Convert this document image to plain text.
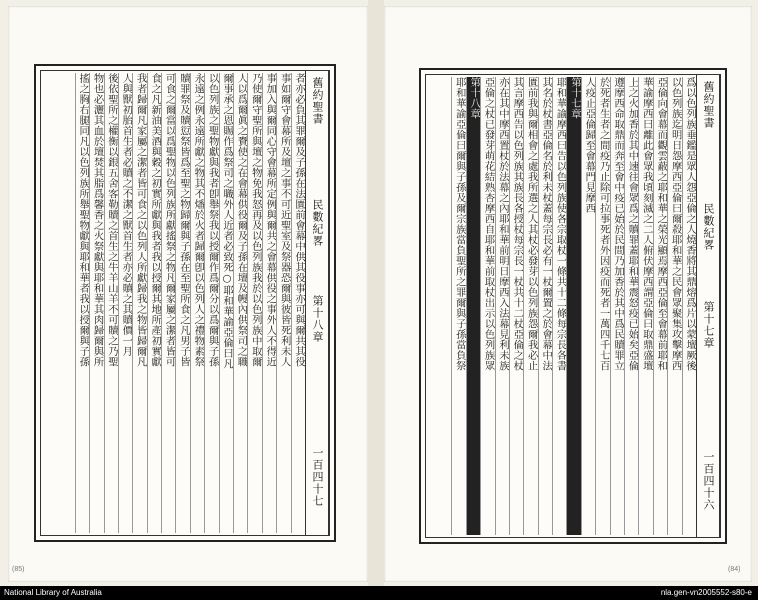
舊約聖書
民數紀畧
第十八章
一百四十七
者亦必負其罪爾及子孫在法匱前會幕中供其役事亦可與爾共其役
事如爾守會幕所及壇之事不可近聖室及祭器恐爾與彼皆死利未人
事加入與爾同心守會幕所定例與爾共之會幕供役之事外人不得近
乃使爾守聖所與壇之物免我怒再及以色列族我於以色列族中取爾
人以爲爾眞之賚使之在會幕供役爾及子孫在壇及幔內供祭司之職
爾事承之恩賜作爲祭司之職外人近者必致死○耶和華諭亞倫曰凡
以色列族之聖物獻與我者卽舉祭我以授爾作爲爾分以爲爾與子孫
永遠之例永遠所獻之物其不燔於火者歸爾卽以色列人之禮物素祭
贖罪祭及贖愆祭皆爲至聖之物歸爾與子孫在至聖所食之凡男子皆
可食之爾當以爲聖物以色列族所獻搖祭之物凡爾家屬之潔者皆可
食之凡新油美酒與穀之初實所獻與我者我以授爾其地所產初實獻
我者歸爾凡家屬之潔者皆可食之以色列人所獻歸我之物皆歸爾凡
人與獸初胎首生者必贖之不潔之獸首生者亦必贖之其贖價一月
後依聖所之權衡以銀五舍客勒贖之首生之牛羊山羊不可贖之乃聖
物也必灑其血於壇焚其脂爲馨香之火祭獻與耶和華其肉歸爾與所
搖之胸右腿同凡以色列族所舉聖物獻與耶和華者我以授爾與子孫	舊約聖書
民數紀畧
第十七章
一百四十六
爲以色列族垂鑑是眾人怨亞倫之人燒香將其鼎熔爲片以蒙壇厥後
以色列族迄明日怨摩西亞倫曰爾殺耶和華之民會眾聚集攻擊摩西
亞倫向會幕而觀雲蔽之耶和華之榮光顯焉摩西亞倫至會幕前耶和
華諭摩西曰離此會眾我頃刻滅之二人俯伏摩西謂亞倫曰取鼎盛壇
上之火加香於其中速往會眾爲之贖罪蓋耶和華震怒疫已始矣亞倫
遵摩西命取鼎而奔至會中疫已始於民間乃加香於其中爲民贖罪立
於死者生者之間疫乃止除可拉事死者外因疫而死者一萬四千七百
人疫止亞倫歸至會幕門見摩西
第十七章
耶和華諭摩西曰告以色列族使各宗取杖一條共十二條每宗長各書
其名於杖書亞倫名於利未杖蓋每宗長必有一杖爾置之於會幕中法
匱前我與爾相會之處我所選之人其杖必發芽以色列族怨爾我必止
其言摩西告以色列族其族長各授杖每宗長一杖共十二杖亞倫之杖
亦在其中摩西置杖於法幕之內耶和華前明日摩西入法幕見利未族
亞倫之杖已發芽萌花結熟杏摩西自耶和華前取杖出示以色列族眾
第十八章
耶和華諭亞倫曰爾與子孫及爾宗族當負聖所之罪爾與子孫當負祭
(85)	(84)
National Library of Australia	nla.gen-vn2005552-s80-e
